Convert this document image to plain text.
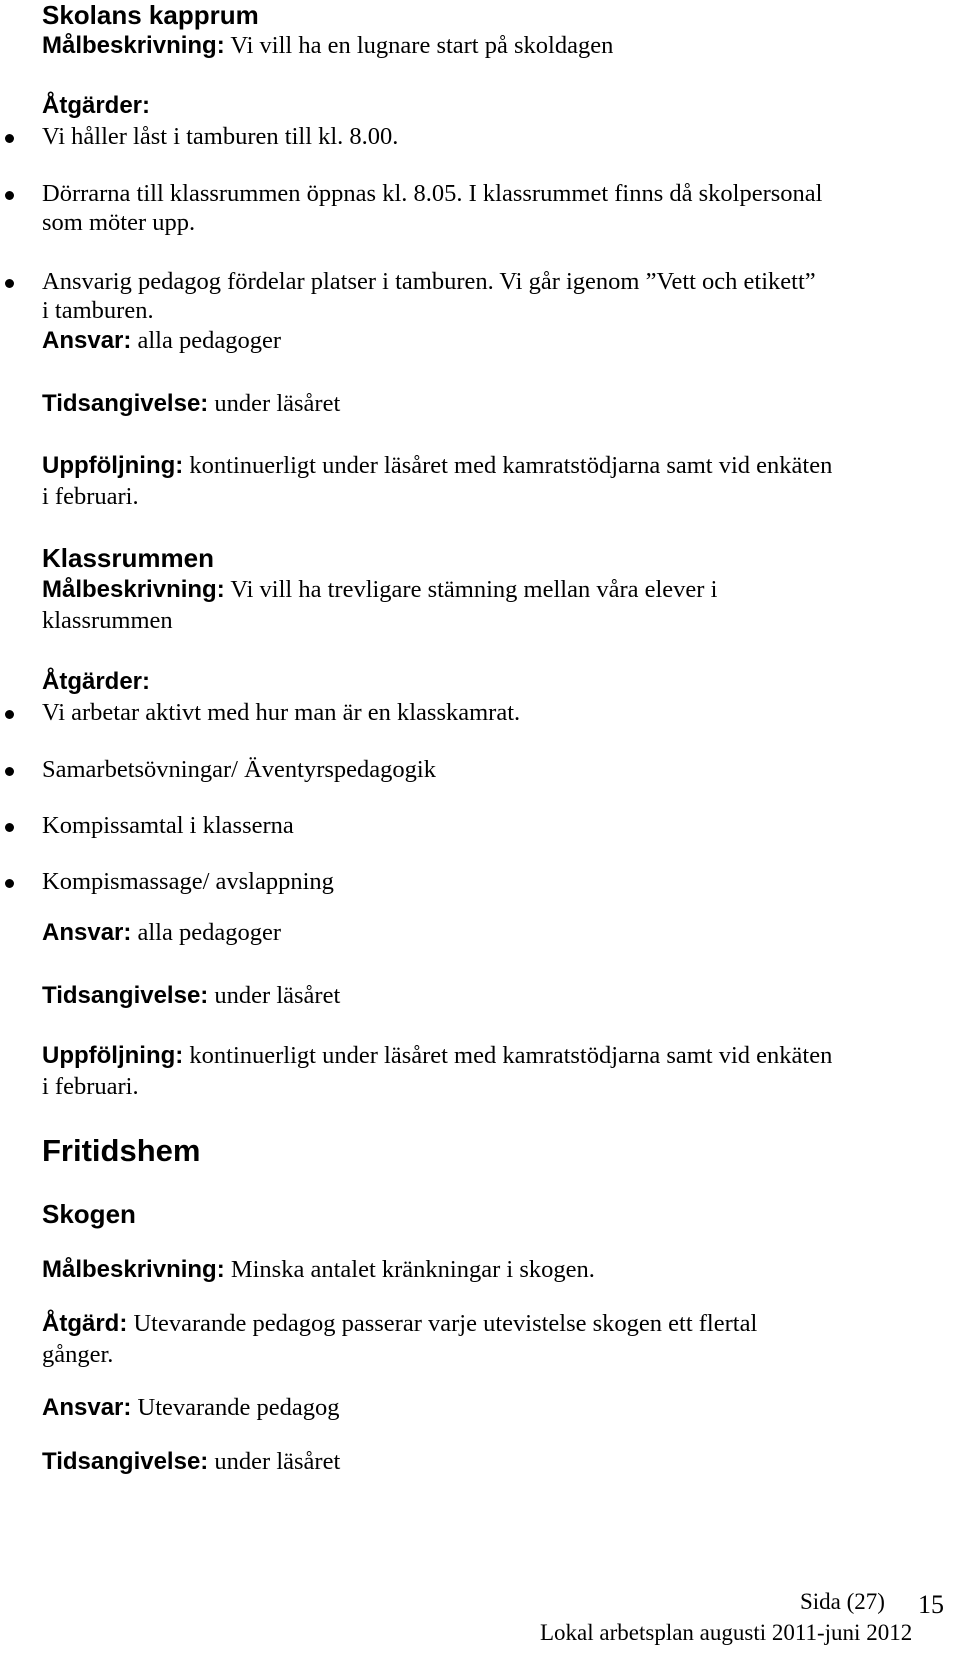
Skolans kapprum
Målbeskrivning: Vi vill ha en lugnare start på skoldagen
Åtgärder:
Vi håller låst i tamburen till kl. 8.00.
Dörrarna till klassrummen öppnas kl. 8.05. I klassrummet finns då skolpersonal
som möter upp.
Ansvarig pedagog fördelar platser i tamburen. Vi går igenom ”Vett och etikett”
i tamburen.
Ansvar: alla pedagoger
Tidsangivelse: under läsåret
Uppföljning: kontinuerligt under läsåret med kamratstödjarna samt vid enkäten
i februari.
Klassrummen
Målbeskrivning: Vi vill ha trevligare stämning mellan våra elever i
klassrummen
Åtgärder:
Vi arbetar aktivt med hur man är en klasskamrat.
Samarbetsövningar/ Äventyrspedagogik
Kompissamtal i klasserna
Kompismassage/ avslappning
Ansvar: alla pedagoger
Tidsangivelse: under läsåret
Uppföljning: kontinuerligt under läsåret med kamratstödjarna samt vid enkäten
i februari.
Fritidshem
Skogen
Målbeskrivning: Minska antalet kränkningar i skogen.
Åtgärd: Utevarande pedagog passerar varje utevistelse skogen ett flertal
gånger.
Ansvar: Utevarande pedagog
Tidsangivelse: under läsåret
Sida (27) 15
Lokal arbetsplan augusti 2011-juni 2012
